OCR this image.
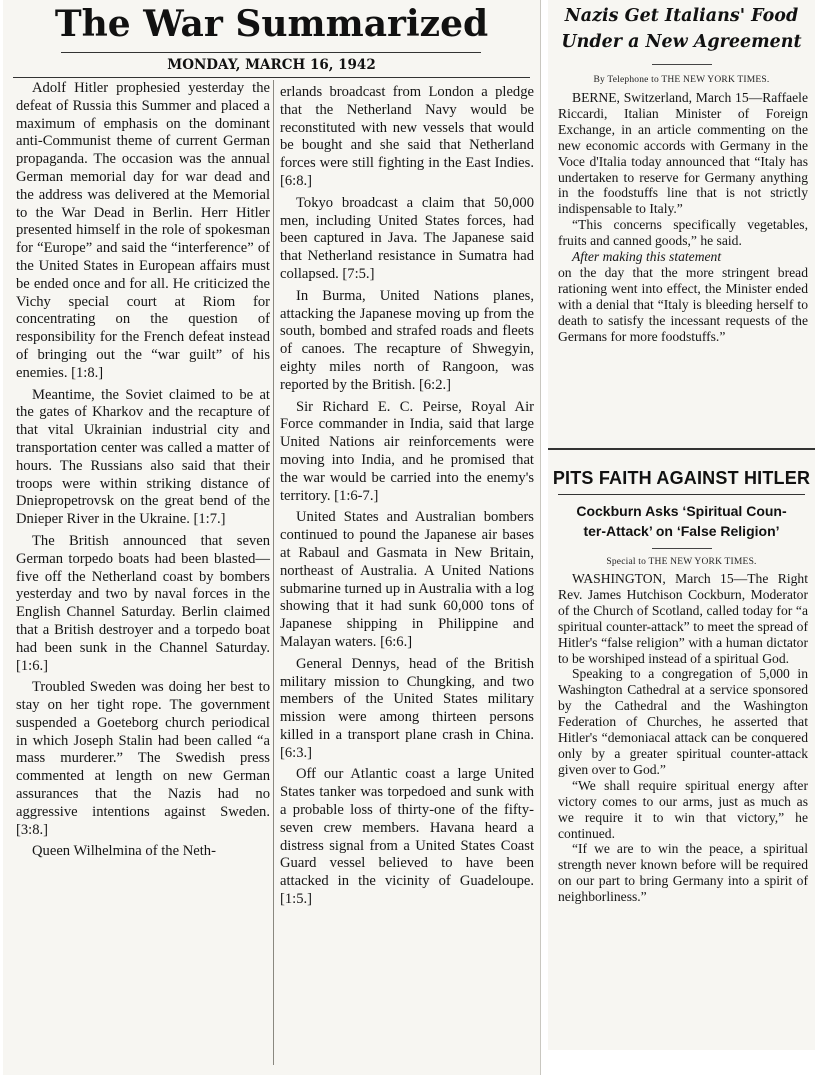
The War Summarized
MONDAY, MARCH 16, 1942

Adolf Hitler prophesied yesterday the defeat of Russia this Summer and placed a maximum of emphasis on the dominant anti-Communist theme of current German propaganda. The occasion was the annual German memorial day for war dead and the address was delivered at the Memorial to the War Dead in Berlin. Herr Hitler presented himself in the role of spokesman for “Europe” and said the “interference” of the United States in European affairs must be ended once and for all. He criticized the Vichy special court at Riom for concentrating on the question of responsibility for the French defeat instead of bringing out the “war guilt” of his enemies. [1:8.]

Meantime, the Soviet claimed to be at the gates of Kharkov and the recapture of that vital Ukrainian industrial city and transportation center was called a matter of hours. The Russians also said that their troops were within striking distance of Dniepropetrovsk on the great bend of the Dnieper River in the Ukraine. [1:7.]

The British announced that seven German torpedo boats had been blasted—five off the Netherland coast by bombers yesterday and two by naval forces in the English Channel Saturday. Berlin claimed that a British destroyer and a torpedo boat had been sunk in the Channel Saturday. [1:6.]

Troubled Sweden was doing her best to stay on her tight rope. The government suspended a Goeteborg church periodical in which Joseph Stalin had been called “a mass murderer.” The Swedish press commented at length on new German assurances that the Nazis had no aggressive intentions against Sweden. [3:8.]

Queen Wilhelmina of the Neth-

erlands broadcast from London a pledge that the Netherland Navy would be reconstituted with new vessels that would be bought and she said that Netherland forces were still fighting in the East Indies. [6:8.]

Tokyo broadcast a claim that 50,000 men, including United States forces, had been captured in Java. The Japanese said that Netherland resistance in Sumatra had collapsed. [7:5.]

In Burma, United Nations planes, attacking the Japanese moving up from the south, bombed and strafed roads and fleets of canoes. The recapture of Shwegyin, eighty miles north of Rangoon, was reported by the British. [6:2.]

Sir Richard E. C. Peirse, Royal Air Force commander in India, said that large United Nations air reinforcements were moving into India, and he promised that the war would be carried into the enemy's territory. [1:6-7.]

United States and Australian bombers continued to pound the Japanese air bases at Rabaul and Gasmata in New Britain, northeast of Australia. A United Nations submarine turned up in Australia with a log showing that it had sunk 60,000 tons of Japanese shipping in Philippine and Malayan waters. [6:6.]

General Dennys, head of the British military mission to Chungking, and two members of the United States military mission were among thirteen persons killed in a transport plane crash in China. [6:3.]

Off our Atlantic coast a large United States tanker was torpedoed and sunk with a probable loss of thirty-one of the fifty-seven crew members. Havana heard a distress signal from a United States Coast Guard vessel believed to have been attacked in the vicinity of Guadeloupe. [1:5.]

Nazis Get Italians' Food
Under a New Agreement
By Telephone to THE NEW YORK TIMES.

BERNE, Switzerland, March 15—Raffaele Riccardi, Italian Minister of Foreign Exchange, in an article commenting on the new economic accords with Germany in the Voce d'Italia today announced that “Italy has undertaken to reserve for Germany anything in the foodstuffs line that is not strictly indispensable to Italy.”

“This concerns specifically vegetables, fruits and canned goods,” he said.

After making this statement

on the day that the more stringent bread rationing went into effect, the Minister ended with a denial that “Italy is bleeding herself to death to satisfy the incessant requests of the Germans for more foodstuffs.”

PITS FAITH AGAINST HITLER
Cockburn Asks ‘Spiritual Coun-
ter-Attack’ on ‘False Religion’
Special to THE NEW YORK TIMES.

WASHINGTON, March 15—The Right Rev. James Hutchison Cockburn, Moderator of the Church of Scotland, called today for “a spiritual counter-attack” to meet the spread of Hitler's “false religion” with a human dictator to be worshiped instead of a spiritual God.

Speaking to a congregation of 5,000 in Washington Cathedral at a service sponsored by the Cathedral and the Washington Federation of Churches, he asserted that Hitler's “demoniacal attack can be conquered only by a greater spiritual counter-attack given over to God.”

“We shall require spiritual energy after victory comes to our arms, just as much as we require it to win that victory,” he continued.

“If we are to win the peace, a spiritual strength never known before will be required on our part to bring Germany into a spirit of neighborliness.”
